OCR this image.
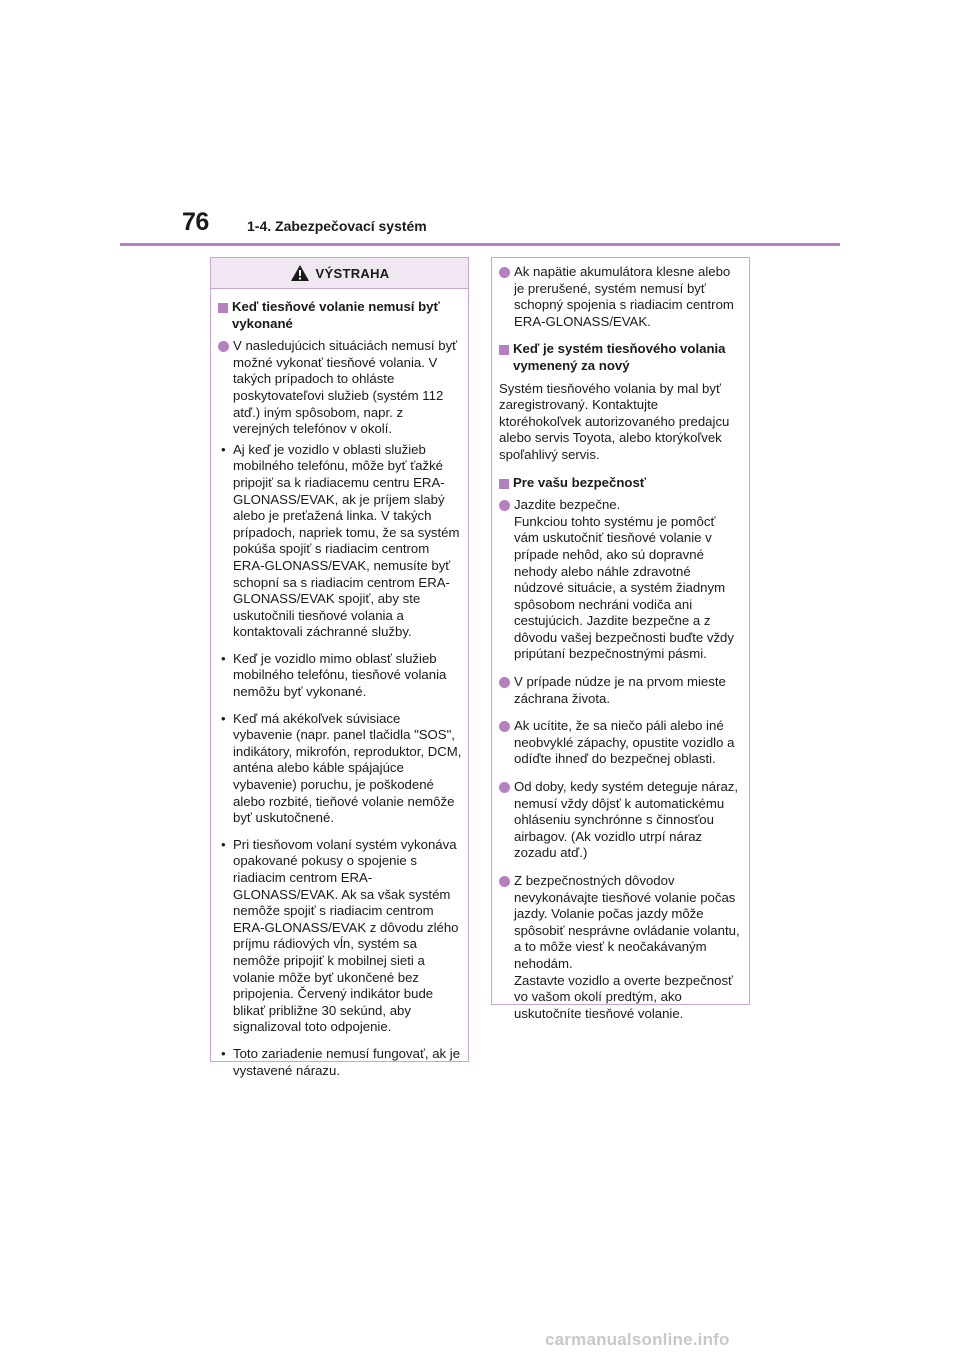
76	1-4. Zabezpečovací systém
VÝSTRAHA
Keď tiesňové volanie nemusí byť vykonané
V nasledujúcich situáciách nemusí byť možné vykonať tiesňové volania. V takých prípadoch to ohláste poskytovateľovi služieb (systém 112 atď.) iným spôsobom, napr. z verejných telefónov v okolí.
• Aj keď je vozidlo v oblasti služieb mobilného telefónu, môže byť ťažké pripojiť sa k riadiacemu centru ERA-GLONASS/EVAK, ak je príjem slabý alebo je preťažená linka. V takých prípadoch, napriek tomu, že sa systém pokúša spojiť s riadiacim centrom ERA-GLONASS/EVAK, nemusíte byť schopní sa s riadiacim centrom ERA-GLONASS/EVAK spojiť, aby ste uskutočnili tiesňové volania a kontaktovali záchranné služby.
• Keď je vozidlo mimo oblasť služieb mobilného telefónu, tiesňové volania nemôžu byť vykonané.
• Keď má akékoľvek súvisiace vybavenie (napr. panel tlačidla "SOS", indikátory, mikrofón, reproduktor, DCM, anténa alebo káble spájajúce vybavenie) poruchu, je poškodené alebo rozbité, tieňové volanie nemôže byť uskutočnené.
• Pri tiesňovom volaní systém vykonáva opakované pokusy o spojenie s riadiacim centrom ERA-GLONASS/EVAK. Ak sa však systém nemôže spojiť s riadiacim centrom ERA-GLONASS/EVAK z dôvodu zlého príjmu rádiových vĺn, systém sa nemôže pripojiť k mobilnej sieti a volanie môže byť ukončené bez pripojenia. Červený indikátor bude blikať približne 30 sekúnd, aby signalizoval toto odpojenie.
• Toto zariadenie nemusí fungovať, ak je vystavené nárazu.
Ak napätie akumulátora klesne alebo je prerušené, systém nemusí byť schopný spojenia s riadiacim centrom ERA-GLONASS/EVAK.
Keď je systém tiesňového volania vymenený za nový
Systém tiesňového volania by mal byť zaregistrovaný. Kontaktujte ktoréhokoľvek autorizovaného predajcu alebo servis Toyota, alebo ktorýkoľvek spoľahlivý servis.
Pre vašu bezpečnosť
Jazdite bezpečne.
Funkciou tohto systému je pomôcť vám uskutočniť tiesňové volanie v prípade nehôd, ako sú dopravné nehody alebo náhle zdravotné núdzové situácie, a systém žiadnym spôsobom nechráni vodiča ani cestujúcich. Jazdite bezpečne a z dôvodu vašej bezpečnosti buďte vždy pripútaní bezpečnostnými pásmi.
V prípade núdze je na prvom mieste záchrana života.
Ak ucítite, že sa niečo páli alebo iné neobvyklé zápachy, opustite vozidlo a odíďte ihneď do bezpečnej oblasti.
Od doby, kedy systém deteguje náraz, nemusí vždy dôjsť k automatickému ohláseniu synchrónne s činnosťou airbagov. (Ak vozidlo utrpí náraz zozadu atď.)
Z bezpečnostných dôvodov nevykonávajte tiesňové volanie počas jazdy. Volanie počas jazdy môže spôsobiť nesprávne ovládanie volantu, a to môže viesť k neočakávaným nehodám.
Zastavte vozidlo a overte bezpečnosť vo vašom okolí predtým, ako uskutočníte tiesňové volanie.
carmanualsonline.info
